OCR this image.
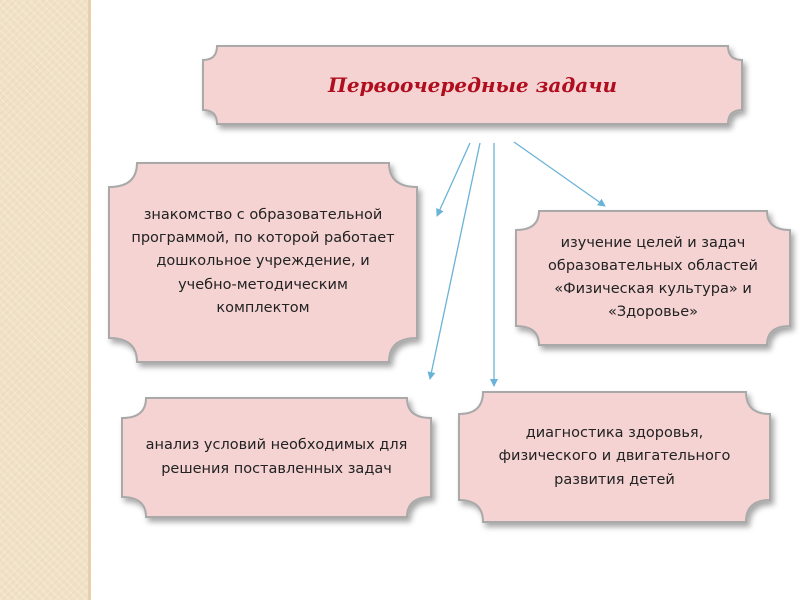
Первоочередные задачи
знакомство с образовательной программой, по которой работает дошкольное учреждение, и учебно-методическим комплектом
изучение целей и задач образовательных областей «Физическая культура» и «Здоровье»
анализ условий необходимых для решения поставленных задач
диагностика здоровья, физического и двигательного развития детей
